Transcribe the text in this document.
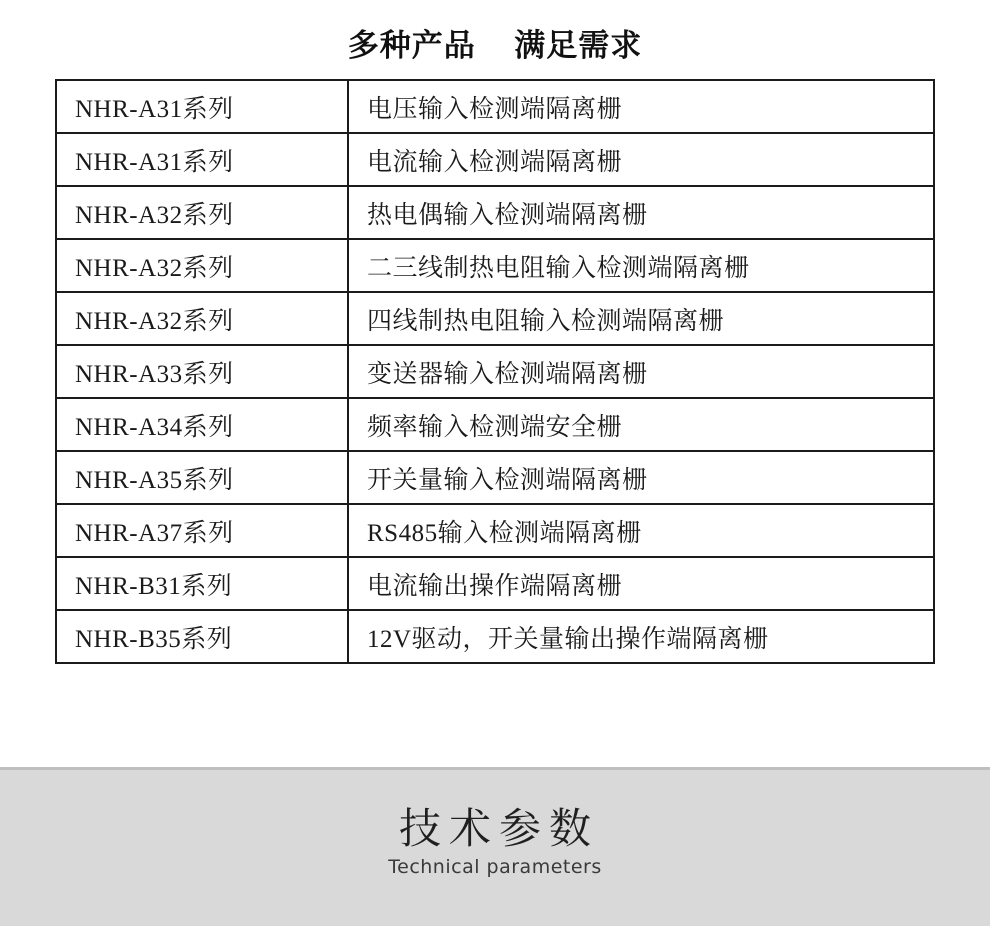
多种产品    满足需求
NHR-A31系列	电压输入检测端隔离栅
NHR-A31系列	电流输入检测端隔离栅
NHR-A32系列	热电偶输入检测端隔离栅
NHR-A32系列	二三线制热电阻输入检测端隔离栅
NHR-A32系列	四线制热电阻输入检测端隔离栅
NHR-A33系列	变送器输入检测端隔离栅
NHR-A34系列	频率输入检测端安全栅
NHR-A35系列	开关量输入检测端隔离栅
NHR-A37系列	RS485输入检测端隔离栅
NHR-B31系列	电流输出操作端隔离栅
NHR-B35系列	12V驱动，开关量输出操作端隔离栅
技术参数
Technical parameters
